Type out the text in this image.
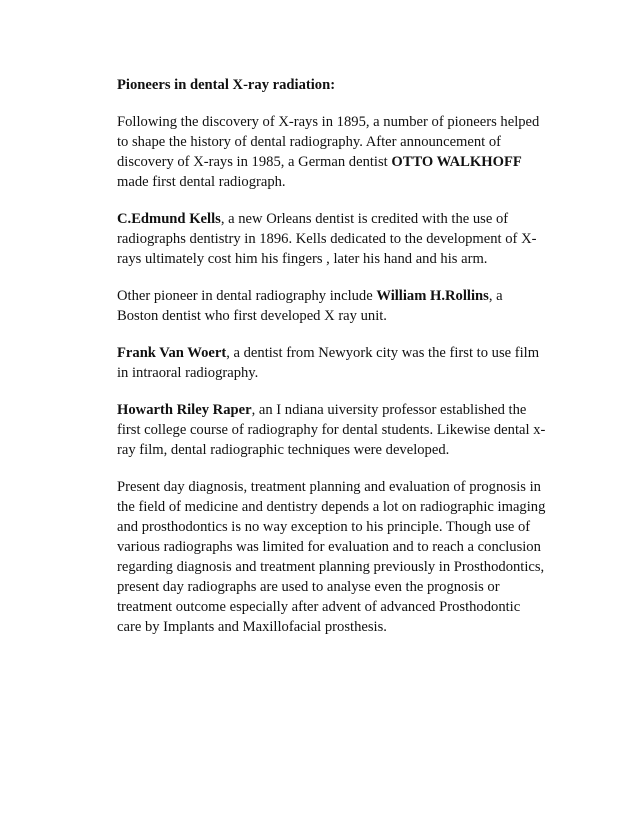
Pioneers in dental X-ray radiation:
Following the discovery of X-rays in 1895, a number of pioneers helped to shape the history of dental radiography. After announcement of discovery of X-rays in 1985, a German dentist OTTO WALKHOFF made first dental radiograph.
C.Edmund Kells, a new Orleans dentist is credited with the use of radiographs dentistry in 1896. Kells dedicated to the development of X-rays ultimately cost him his fingers , later his hand and his arm.
Other pioneer in dental radiography include William H.Rollins, a Boston dentist who first developed X ray unit.
Frank Van Woert, a dentist from Newyork city was the first to use film in intraoral radiography.
Howarth Riley Raper, an I ndiana uiversity professor established the first college course of radiography for dental students. Likewise dental x-ray film, dental radiographic techniques were developed.
Present day diagnosis, treatment planning and evaluation of prognosis in the field of medicine and dentistry depends a lot on radiographic imaging and prosthodontics is no way exception to his principle. Though use of various radiographs was limited for evaluation and to reach a conclusion regarding diagnosis and treatment planning previously in Prosthodontics, present day radiographs are used to analyse even the prognosis or treatment outcome especially after advent of advanced Prosthodontic care by Implants and Maxillofacial prosthesis.
